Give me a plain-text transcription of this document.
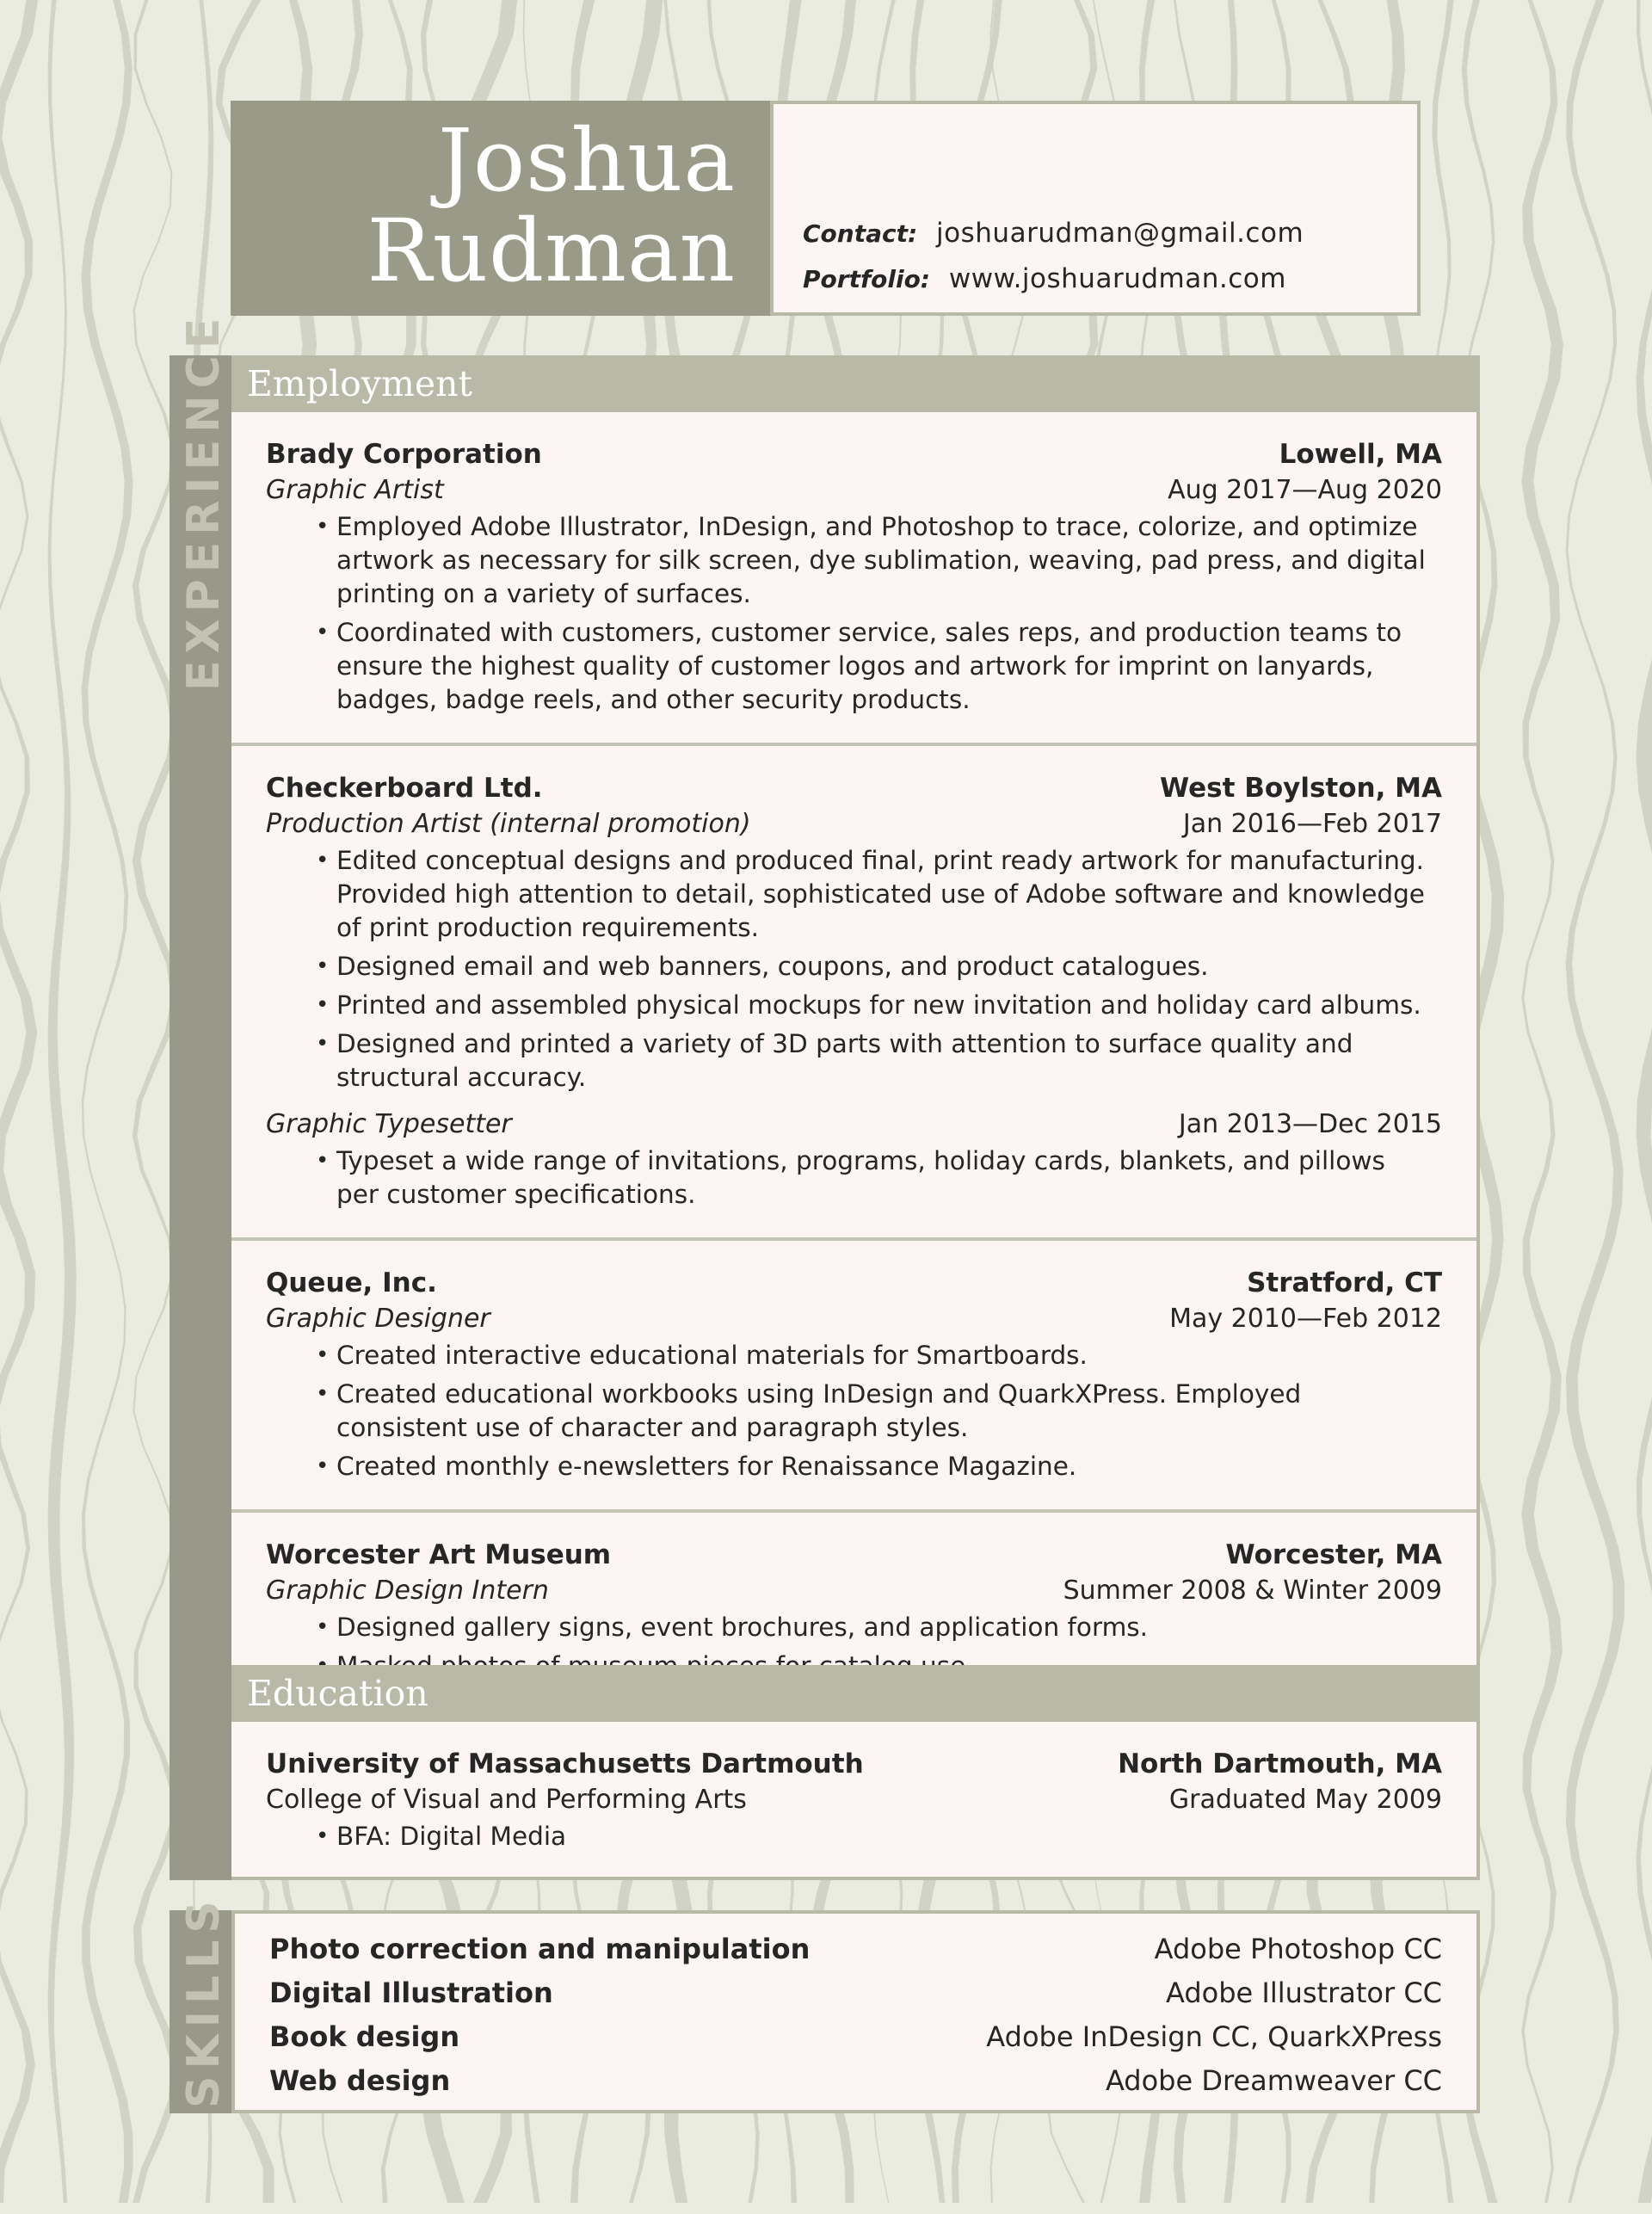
Joshua
Rudman	Contact: joshuarudman@gmail.com
Portfolio: www.joshuarudman.com
EXPERIENCE Employment
Brady Corporation	Lowell, MA
Graphic Artist	Aug 2017—Aug 2020
• Employed Adobe Illustrator, InDesign, and Photoshop to trace, colorize, and optimize artwork as necessary for silk screen, dye sublimation, weaving, pad press, and digital printing on a variety of surfaces.
• Coordinated with customers, customer service, sales reps, and production teams to ensure the highest quality of customer logos and artwork for imprint on lanyards, badges, badge reels, and other security products.
Checkerboard Ltd.	West Boylston, MA
Production Artist (internal promotion)	Jan 2016—Feb 2017
• Edited conceptual designs and produced final, print ready artwork for manufacturing. Provided high attention to detail, sophisticated use of Adobe software and knowledge of print production requirements.
• Designed email and web banners, coupons, and product catalogues.
• Printed and assembled physical mockups for new invitation and holiday card albums.
• Designed and printed a variety of 3D parts with attention to surface quality and structural accuracy.
Graphic Typesetter	Jan 2013—Dec 2015
• Typeset a wide range of invitations, programs, holiday cards, blankets, and pillows per customer specifications.
Queue, Inc.	Stratford, CT
Graphic Designer	May 2010—Feb 2012
• Created interactive educational materials for Smartboards.
• Created educational workbooks using InDesign and QuarkXPress. Employed consistent use of character and paragraph styles.
• Created monthly e-newsletters for Renaissance Magazine.
Worcester Art Museum	Worcester, MA
Graphic Design Intern	Summer 2008 & Winter 2009
• Designed gallery signs, event brochures, and application forms.
•
Education
University of Massachusetts Dartmouth	North Dartmouth, MA
College of Visual and Performing Arts	Graduated May 2009
• BFA: Digital Media
SKILLS Photo correction and manipulation	Adobe Photoshop CC
Digital Illustration	Adobe Illustrator CC
Book design	Adobe InDesign CC, QuarkXPress
Web design	Adobe Dreamweaver CC
